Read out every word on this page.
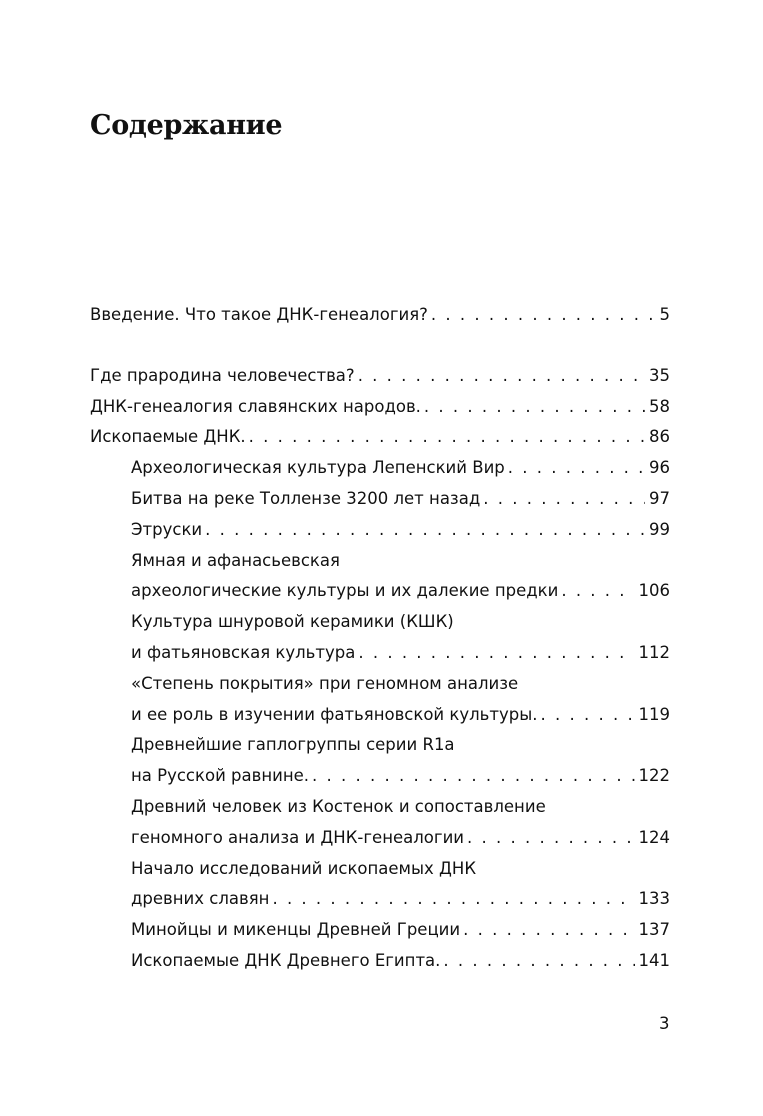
Содержание
Введение. Что такое ДНК-генеалогия? . . .	5
Где прародина человечества? . . .	35
ДНК-генеалогия славянских народов. . . .	58
Ископаемые ДНК. . . .	86
Археологическая культура Лепенский Вир . . .	96
Битва на реке Толлензе 3200 лет назад . . .	97
Этруски . . .	99
Ямная и афанасьевская
археологические культуры и их далекие предки . . .	106
Культура шнуровой керамики (КШК)
и фатьяновская культура . . .	112
«Степень покрытия» при геномном анализе
и ее роль в изучении фатьяновской культуры. . . .	119
Древнейшие гаплогруппы серии R1a
на Русской равнине. . . .	122
Древний человек из Костенок и сопоставление
геномного анализа и ДНК-генеалогии . . .	124
Начало исследований ископаемых ДНК
древних славян . . .	133
Минойцы и микенцы Древней Греции . . .	137
Ископаемые ДНК Древнего Египта. . . .	141
3
